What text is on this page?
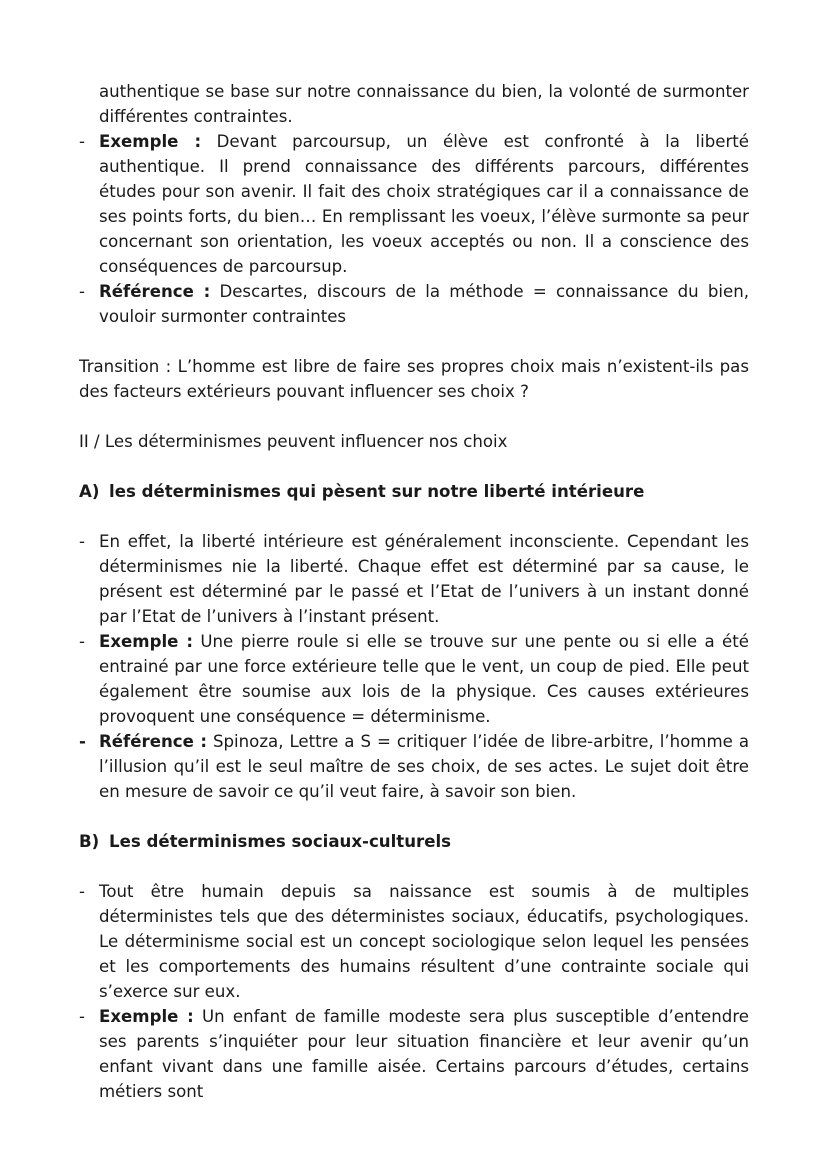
authentique se base sur notre connaissance du bien, la volonté de surmonter différentes contraintes.
- Exemple : Devant parcoursup, un élève est confronté à la liberté authentique. Il prend connaissance des différents parcours, différentes études pour son avenir. Il fait des choix stratégiques car il a connaissance de ses points forts, du bien… En remplissant les voeux, l’élève surmonte sa peur concernant son orientation, les voeux acceptés ou non. Il a conscience des conséquences de parcoursup.
- Référence : Descartes, discours de la méthode = connaissance du bien, vouloir surmonter contraintes
Transition : L’homme est libre de faire ses propres choix mais n’existent-ils pas des facteurs extérieurs pouvant influencer ses choix ?
II / Les déterminismes peuvent influencer nos choix
A) les déterminismes qui pèsent sur notre liberté intérieure
- En effet, la liberté intérieure est généralement inconsciente. Cependant les déterminismes nie la liberté. Chaque effet est déterminé par sa cause, le présent est déterminé par le passé et l’Etat de l’univers à un instant donné par l’Etat de l’univers à l’instant présent.
- Exemple : Une pierre roule si elle se trouve sur une pente ou si elle a été entrainé par une force extérieure telle que le vent, un coup de pied. Elle peut également être soumise aux lois de la physique. Ces causes extérieures provoquent une conséquence = déterminisme.
- Référence : Spinoza, Lettre a S = critiquer l’idée de libre-arbitre, l’homme a l’illusion qu’il est le seul maître de ses choix, de ses actes. Le sujet doit être en mesure de savoir ce qu’il veut faire, à savoir son bien.
B) Les déterminismes sociaux-culturels
- Tout être humain depuis sa naissance est soumis à de multiples déterministes tels que des déterministes sociaux, éducatifs, psychologiques. Le déterminisme social est un concept sociologique selon lequel les pensées et les comportements des humains résultent d’une contrainte sociale qui s’exerce sur eux.
- Exemple : Un enfant de famille modeste sera plus susceptible d’entendre ses parents s’inquiéter pour leur situation financière et leur avenir qu’un enfant vivant dans une famille aisée. Certains parcours d’études, certains métiers sont
